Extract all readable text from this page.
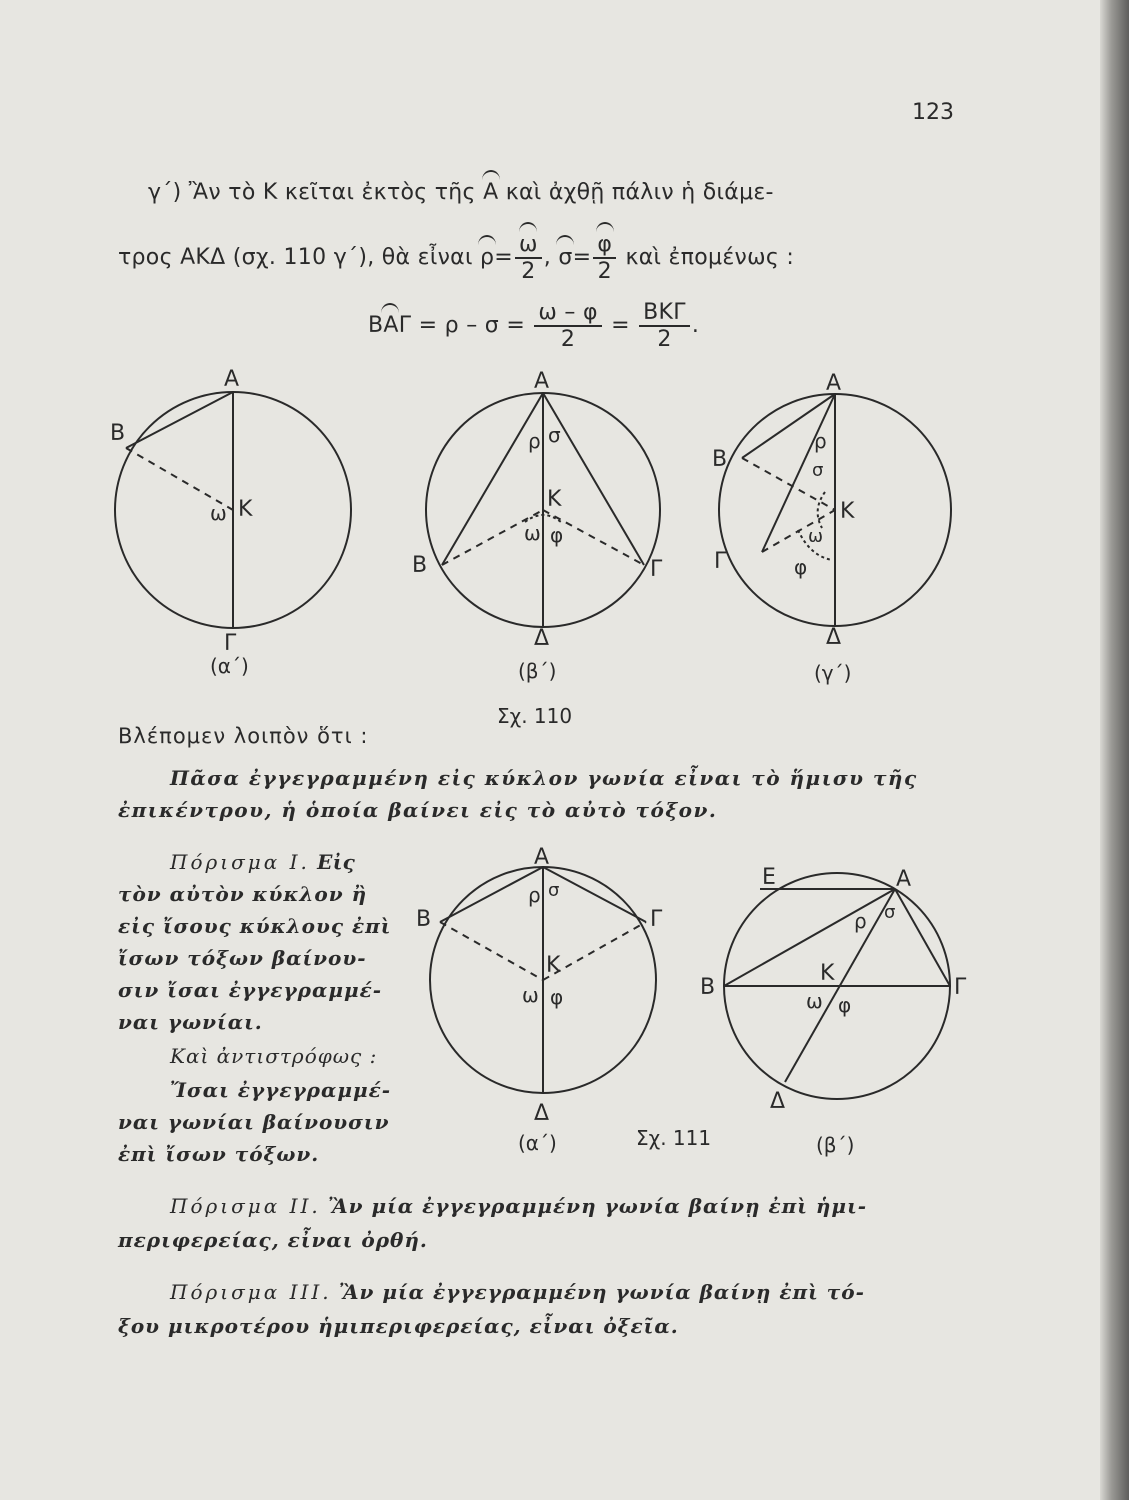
123
γ΄) Ἂν τὸ Κ κεῖται ἐκτὸς τῆς Α καὶ ἀχθῇ πάλιν ἡ διάμε-
τρος ΑΚΔ (σχ. 110 γ΄), θὰ εἶναι $\rho= \frac{\omega}{2}$ , $\sigma= \frac{\varphi}{2}$ καὶ ἐπομένως :
$BA\Gamma = \rho - \sigma = \frac{\omega - \varphi}{2} = \frac{\text{ΒΚΓ}}{2}$ .
Α
Β
Κ
ω
Γ
(α΄)
Α
ρ σ
Κ
ω φ
Β	Γ
Δ
(β΄)
Α
ρ
σ
Κ
ω
φ
Β
Γ
Δ
(γ΄)
Σχ. 110
Βλέπομεν λοιπὸν ὅτι :
Πᾶσα ἐγγεγραμμένη εἰς κύκλον γωνία εἶναι τὸ ἥμισυ τῆς
ἐπικέντρου, ἡ ὁποία βαίνει εἰς τὸ αὐτὸ τόξον.
Πόρισμα Ι. Εἰς
τὸν αὐτὸν κύκλον ἢ
εἰς ἴσους κύκλους ἐπὶ
ἴσων τόξων βαίνου-
σιν ἴσαι ἐγγεγραμμέ-
ναι γωνίαι.
Καὶ ἀντιστρόφως :
Ἴσαι ἐγγεγραμμέ-
ναι γωνίαι βαίνουσιν
ἐπὶ ἴσων τόξων.
Α
ρ σ
Β	Γ
Κ
ω φ
Δ
(α΄)	Σχ. 111
Ε	Α
ρ σ
Κ
Β	Γ
ω φ
Δ
(β΄)
Πόρισμα ΙΙ. Ἂν μία ἐγγεγραμμένη γωνία βαίνῃ ἐπὶ ἡμι-
περιφερείας, εἶναι ὀρθή.
Πόρισμα ΙΙΙ. Ἂν μία ἐγγεγραμμένη γωνία βαίνῃ ἐπὶ τό-
ξου μικροτέρου ἡμιπεριφερείας, εἶναι ὀξεῖα.
